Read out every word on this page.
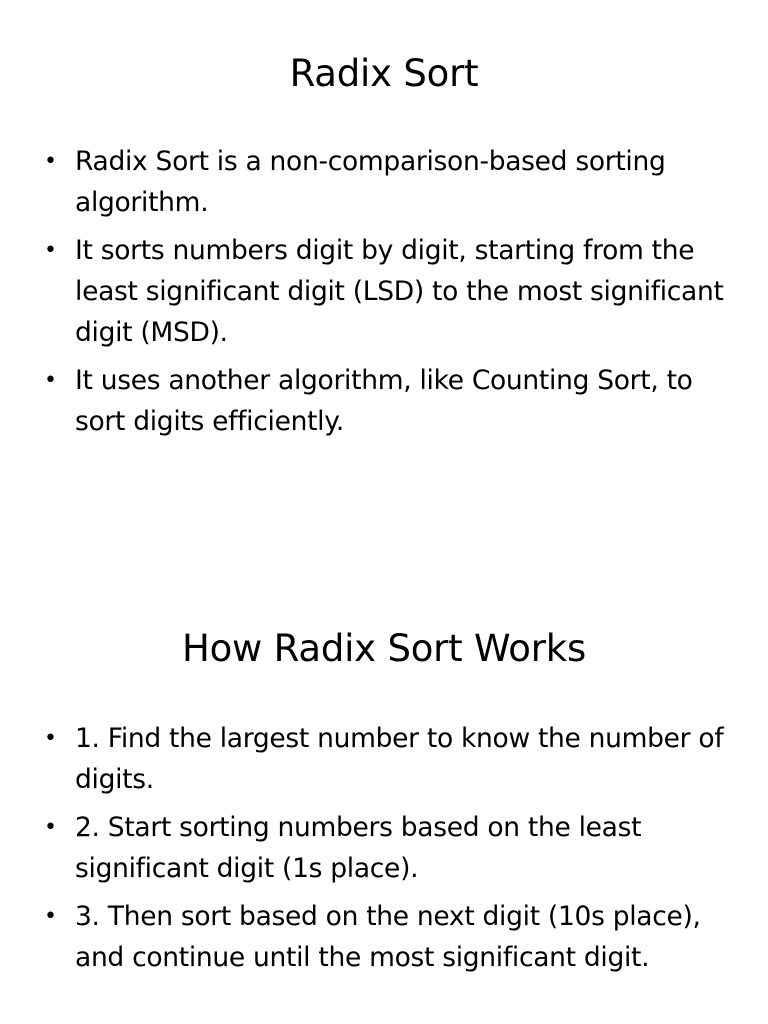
Radix Sort
• Radix Sort is a non-comparison-based sorting algorithm.
• It sorts numbers digit by digit, starting from the least significant digit (LSD) to the most significant digit (MSD).
• It uses another algorithm, like Counting Sort, to sort digits efficiently.
How Radix Sort Works
• 1. Find the largest number to know the number of digits.
• 2. Start sorting numbers based on the least significant digit (1s place).
• 3. Then sort based on the next digit (10s place), and continue until the most significant digit.
